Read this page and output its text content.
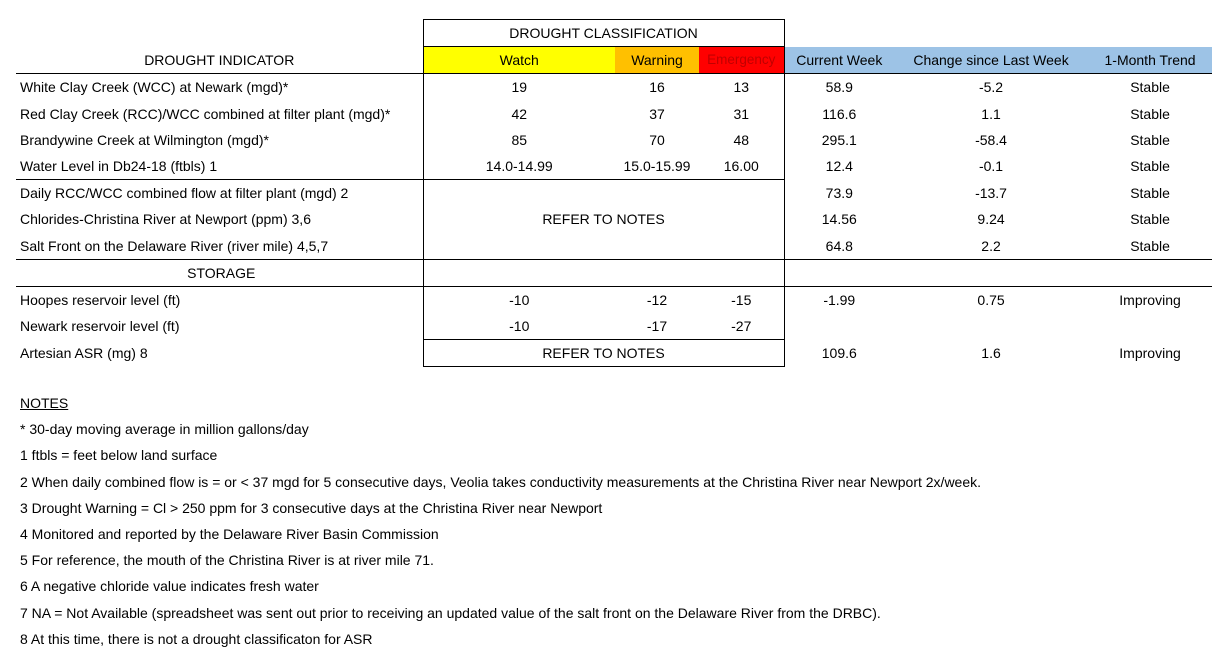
	DROUGHT CLASSIFICATION					
DROUGHT INDICATOR	Watch	Warning	Emergency	Current Week	Change since Last Week	1-Month Trend
White Clay Creek (WCC) at Newark (mgd)*	19	16	13	58.9	-5.2	Stable
Red Clay Creek (RCC)/WCC combined at filter plant (mgd)*	42	37	31	116.6	1.1	Stable
Brandywine Creek at Wilmington (mgd)*	85	70	48	295.1	-58.4	Stable
Water Level in Db24-18 (ftbls) 1	14.0-14.99	15.0-15.99	16.00	12.4	-0.1	Stable
Daily RCC/WCC combined flow at filter plant (mgd) 2	REFER TO NOTES			73.9	-13.7	Stable
Chlorides-Christina River at Newport (ppm) 3,6				14.56	9.24	Stable
Salt Front on the Delaware River (river mile) 4,5,7				64.8	2.2	Stable
STORAGE						
Hoopes reservoir level (ft)	-10	-12	-15	-1.99	0.75	Improving
Newark reservoir level (ft)	-10	-17	-27			
Artesian ASR (mg) 8	REFER TO NOTES			109.6	1.6	Improving
NOTES
* 30-day moving average in million gallons/day
1 ftbls = feet below land surface
2 When daily combined flow is = or < 37 mgd for 5 consecutive days, Veolia takes conductivity measurements at the Christina River near Newport 2x/week.
3 Drought Warning = Cl > 250 ppm for 3 consecutive days at the Christina River near Newport
4 Monitored and reported by the Delaware River Basin Commission
5 For reference, the mouth of the Christina River is at river mile 71.
6 A negative chloride value indicates fresh water
7 NA = Not Available (spreadsheet was sent out prior to receiving an updated value of the salt front on the Delaware River from the DRBC).
8 At this time, there is not a drought classificaton for ASR
